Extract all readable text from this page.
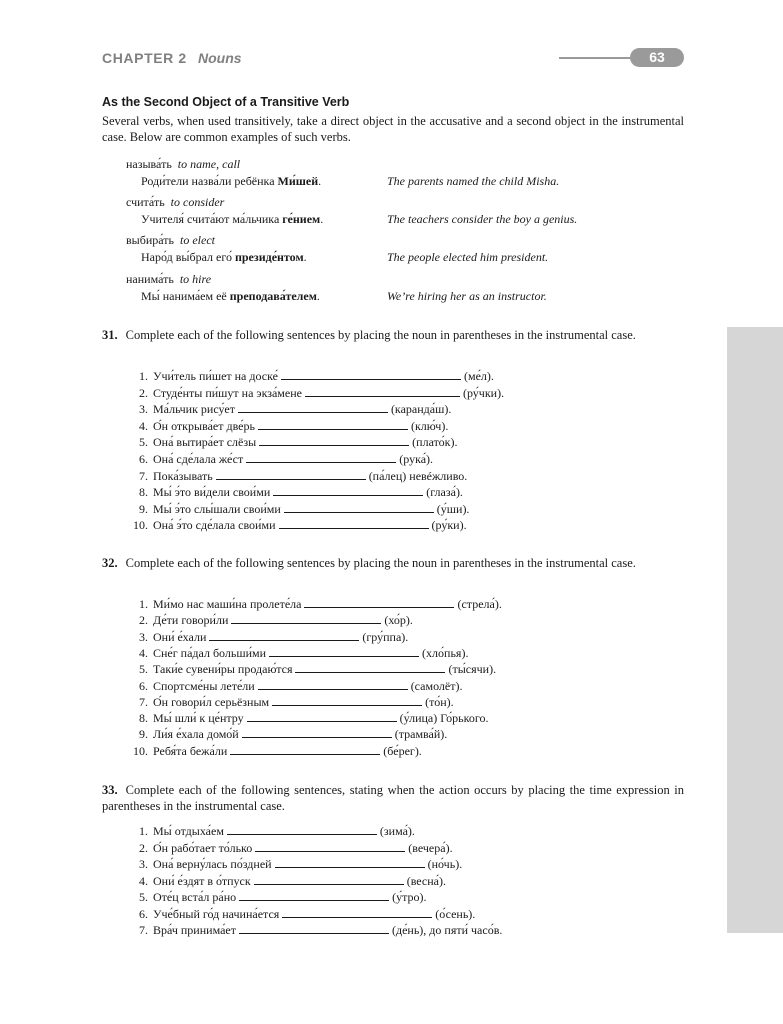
CHAPTER 2 Nouns	63
As the Second Object of a Transitive Verb
Several verbs, when used transitively, take a direct object in the accusative and a second object in the instrumental case. Below are common examples of such verbs.
называ́ть to name, call
Роди́тели назва́ли ребёнка Ми́шей.	The parents named the child Misha.
счита́ть to consider
Учителя́ счита́ют ма́льчика ге́нием.	The teachers consider the boy a genius.
выбира́ть to elect
Наро́д вы́брал его́ президе́нтом.	The people elected him president.
нанима́ть to hire
Мы́ нанима́ем её преподава́телем.	We’re hiring her as an instructor.
31. Complete each of the following sentences by placing the noun in parentheses in the instrumental case.
1. Учи́тель пи́шет на доске́	(ме́л).
2. Студе́нты пи́шут на экза́мене	(ру́чки).
3. Ма́льчик рису́ет	(каранда́ш).
4. О́н открыва́ет две́рь	(клю́ч).
5. Она́ вытира́ет слёзы	(плато́к).
6. Она́ сде́лала же́ст	(рука́).
7. Пока́зывать	(па́лец) невéжливо.
8. Мы́ э́то ви́дели свои́ми	(глаза́).
9. Мы́ э́то слы́шали свои́ми	(у́ши).
10. Она́ э́то сде́лала свои́ми	(ру́ки).
32. Complete each of the following sentences by placing the noun in parentheses in the instrumental case.
1. Ми́мо нас маши́на пролете́ла	(стрела́).
2. Де́ти говори́ли	(хо́р).
3. Они́ е́хали	(гру́ппа).
4. Сне́г па́дал больши́ми	(хло́пья).
5. Таки́е сувени́ры продаю́тся	(ты́сячи).
6. Спортсме́ны лете́ли	(самолёт).
7. О́н говори́л серьёзным	(то́н).
8. Мы́ шли́ к це́нтру	(у́лица) Го́рького.
9. Ли́я е́хала домо́й	(трамва́й).
10. Ребя́та бежа́ли	(бе́рег).
33. Complete each of the following sentences, stating when the action occurs by placing the time expression in parentheses in the instrumental case.
1. Мы́ отдыха́ем	(зима́).
2. О́н рабо́тает то́лько	(вечера́).
3. Она́ верну́лась по́здней	(но́чь).
4. Они́ е́здят в о́тпуск	(весна́).
5. Оте́ц вста́л ра́но	(у́тро).
6. Уче́бный го́д начина́ется	(о́сень).
7. Вра́ч принима́ет	(де́нь), до пяти́ часо́в.
